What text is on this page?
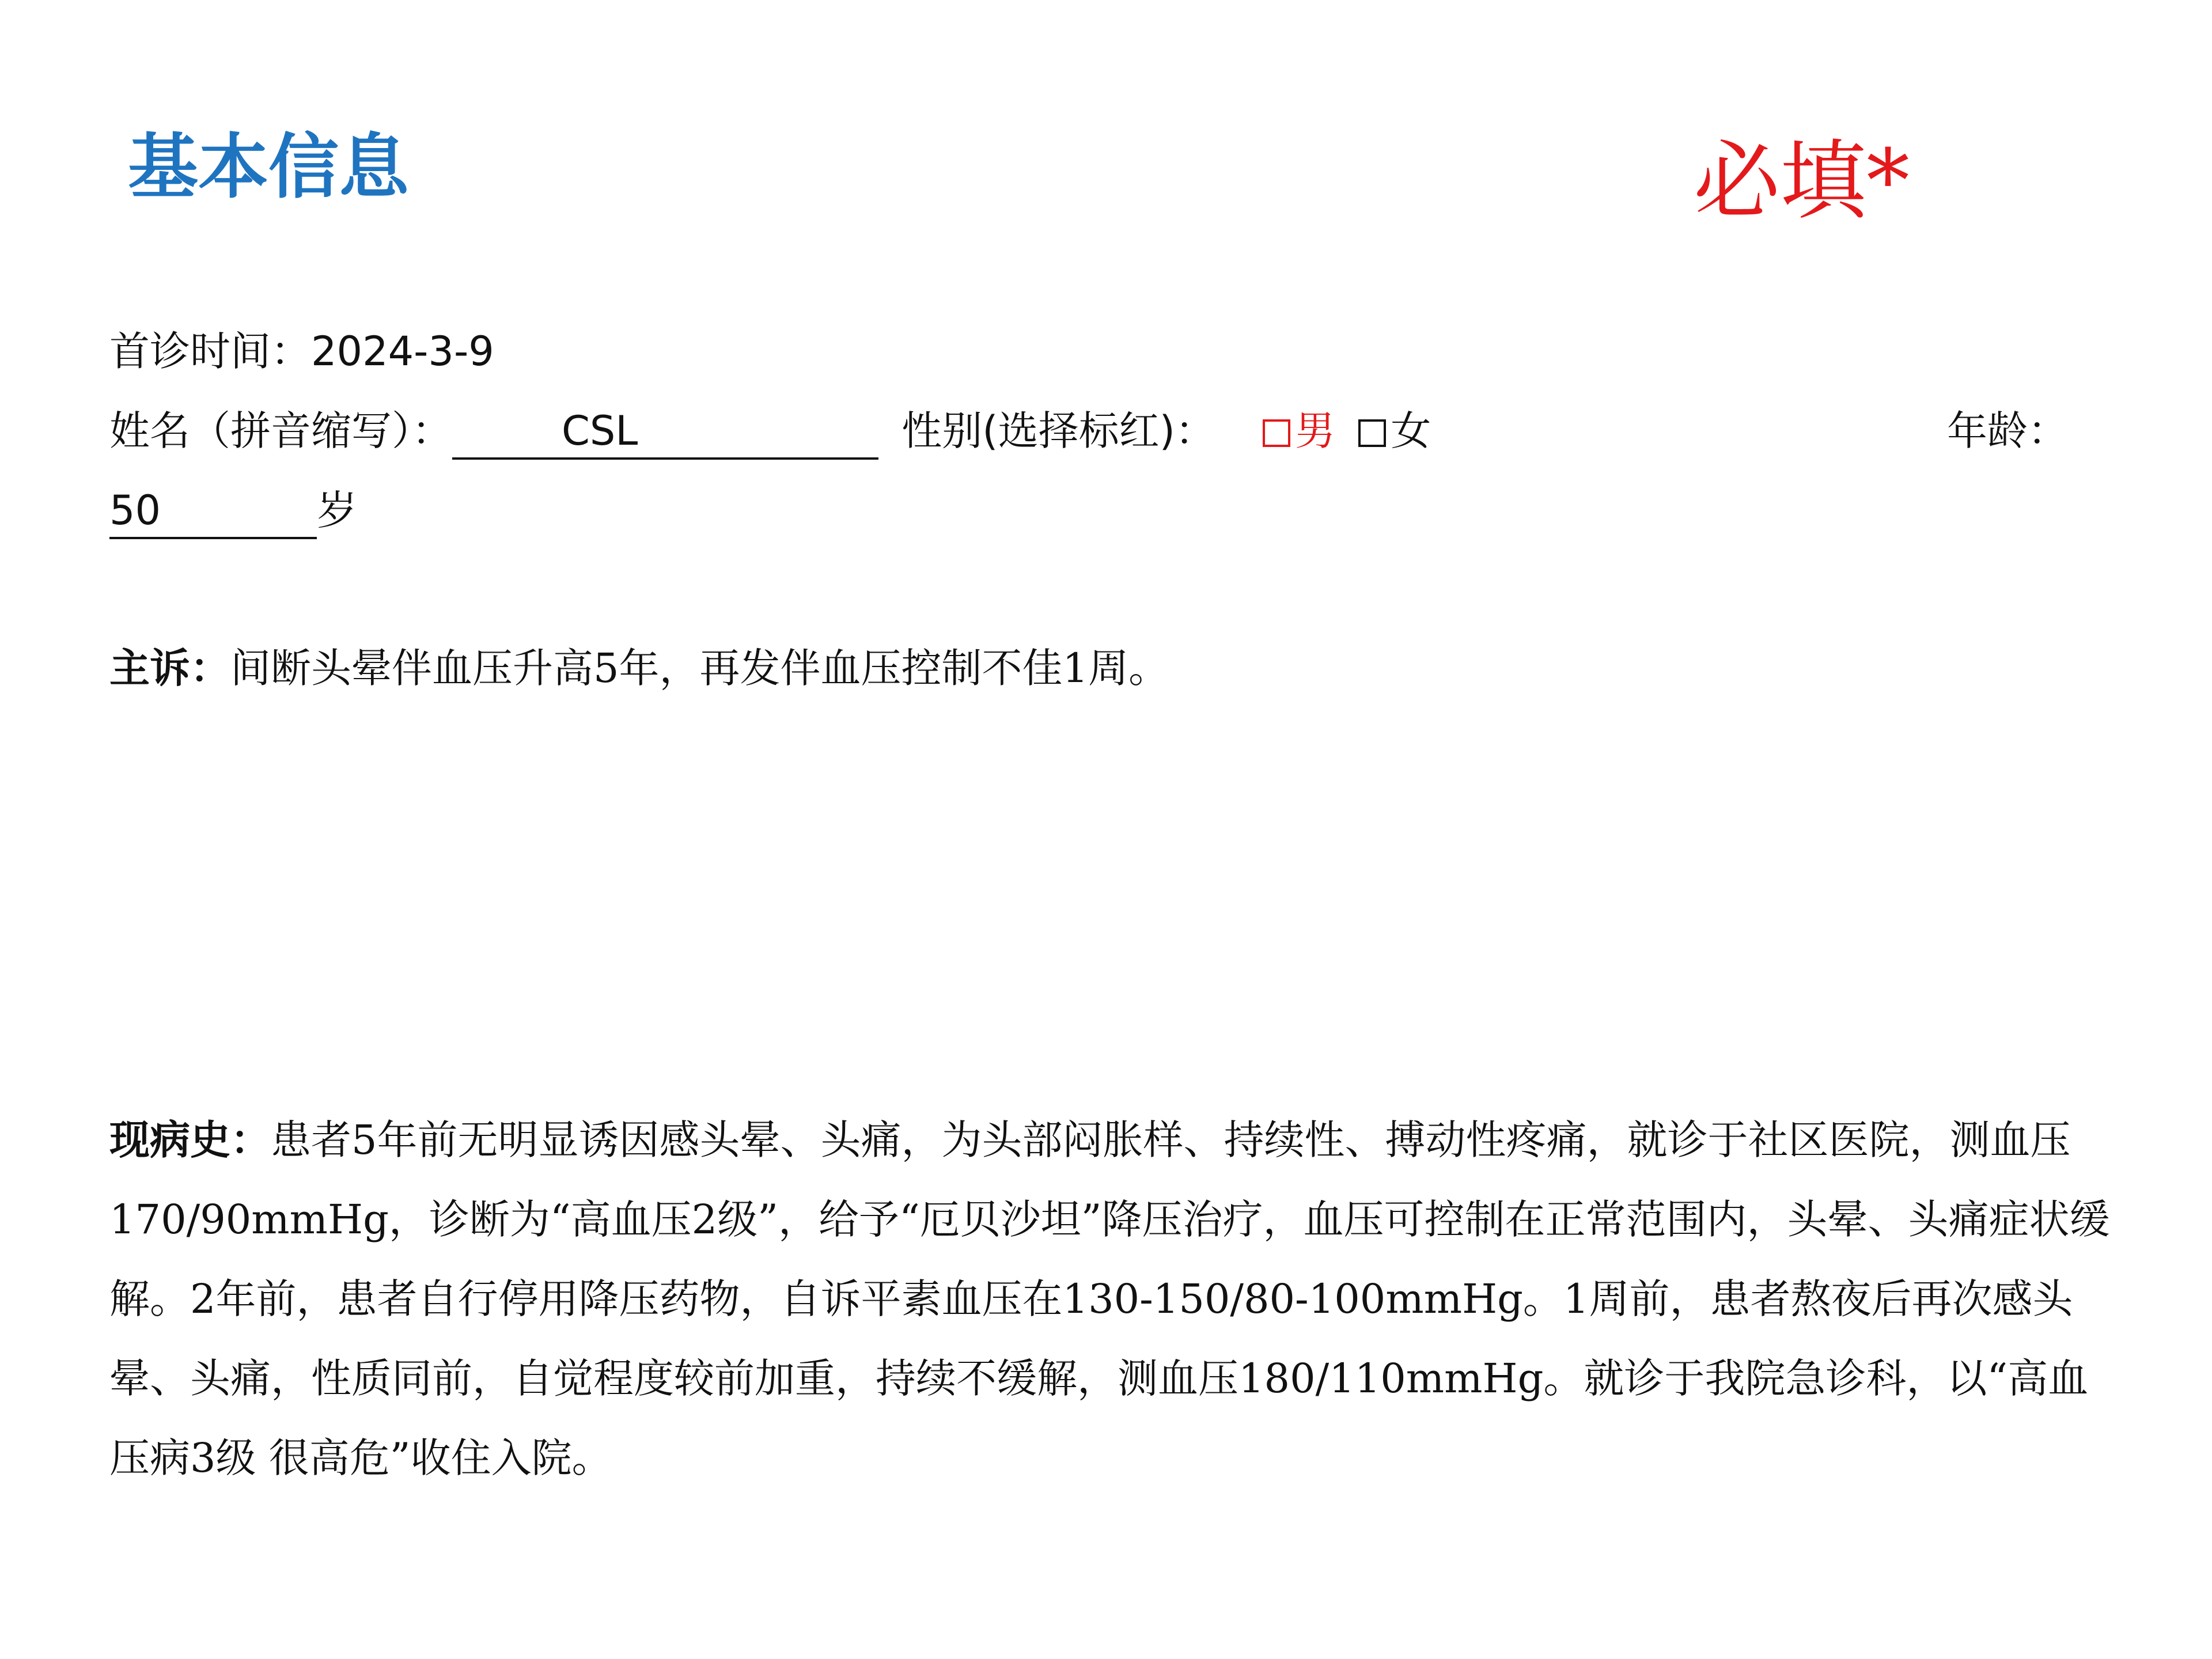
基本信息	必填*
首诊时间：2024-3-9
姓名（拼音缩写）：	CSL	性别(选择标红)： 男 女	年龄：
50	岁
主诉：间断头晕伴血压升高5年，再发伴血压控制不佳1周。
现病史：患者5年前无明显诱因感头晕、头痛，为头部闷胀样、持续性、搏动性疼痛，就诊于社区医院，测血压170/90mmHg，诊断为“高血压2级”，给予“厄贝沙坦”降压治疗，血压可控制在正常范围内，头晕、头痛症状缓解。2年前，患者自行停用降压药物，自诉平素血压在130-150/80-100mmHg。1周前，患者熬夜后再次感头晕、头痛，性质同前，自觉程度较前加重，持续不缓解，测血压180/110mmHg。就诊于我院急诊科，以“高血压病3级 很高危”收住入院。
